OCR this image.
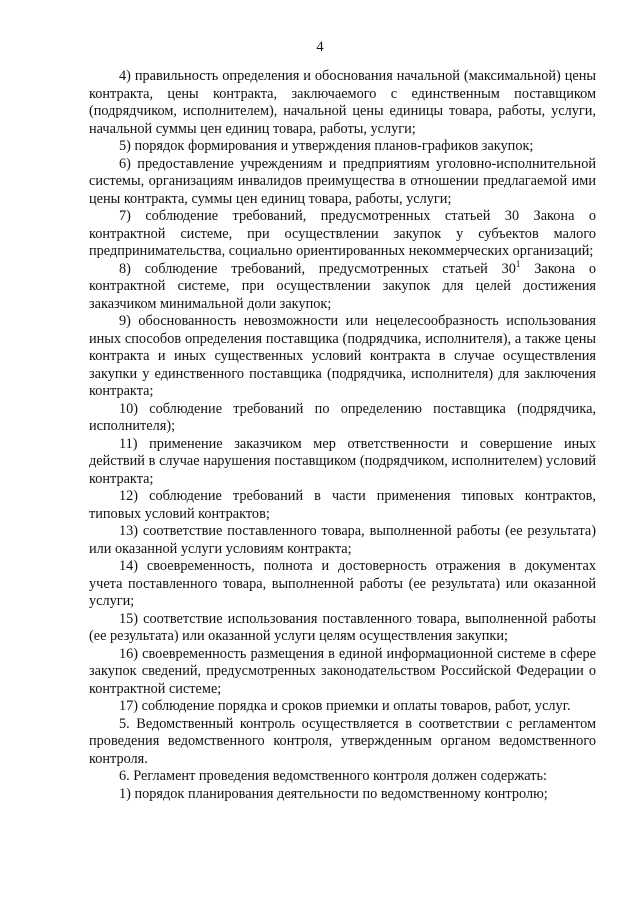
4

4) правильность определения и обоснования начальной (максимальной) цены контракта, цены контракта, заключаемого с единственным поставщиком (подрядчиком, исполнителем), начальной цены единицы товара, работы, услуги, начальной суммы цен единиц товара, работы, услуги;

5) порядок формирования и утверждения планов-графиков закупок;

6) предоставление учреждениям и предприятиям уголовно-исполнительной системы, организациям инвалидов преимущества в отношении предлагаемой ими цены контракта, суммы цен единиц товара, работы, услуги;

7) соблюдение требований, предусмотренных статьей 30 Закона о контрактной системе, при осуществлении закупок у субъектов малого предпринимательства, социально ориентированных некоммерческих организаций;

8) соблюдение требований, предусмотренных статьей $30^1$ Закона о контрактной системе, при осуществлении закупок для целей достижения заказчиком минимальной доли закупок;

9) обоснованность невозможности или нецелесообразность использования иных способов определения поставщика (подрядчика, исполнителя), а также цены контракта и иных существенных условий контракта в случае осуществления закупки у единственного поставщика (подрядчика, исполнителя) для заключения контракта;

10) соблюдение требований по определению поставщика (подрядчика, исполнителя);

11) применение заказчиком мер ответственности и совершение иных действий в случае нарушения поставщиком (подрядчиком, исполнителем) условий контракта;

12) соблюдение требований в части применения типовых контрактов, типовых условий контрактов;

13) соответствие поставленного товара, выполненной работы (ее результата) или оказанной услуги условиям контракта;

14) своевременность, полнота и достоверность отражения в документах учета поставленного товара, выполненной работы (ее результата) или оказанной услуги;

15) соответствие использования поставленного товара, выполненной работы (ее результата) или оказанной услуги целям осуществления закупки;

16) своевременность размещения в единой информационной системе в сфере закупок сведений, предусмотренных законодательством Российской Федерации о контрактной системе;

17) соблюдение порядка и сроков приемки и оплаты товаров, работ, услуг.

5. Ведомственный контроль осуществляется в соответствии с регламентом проведения ведомственного контроля, утвержденным органом ведомственного контроля.

6. Регламент проведения ведомственного контроля должен содержать:

1) порядок планирования деятельности по ведомственному контролю;
